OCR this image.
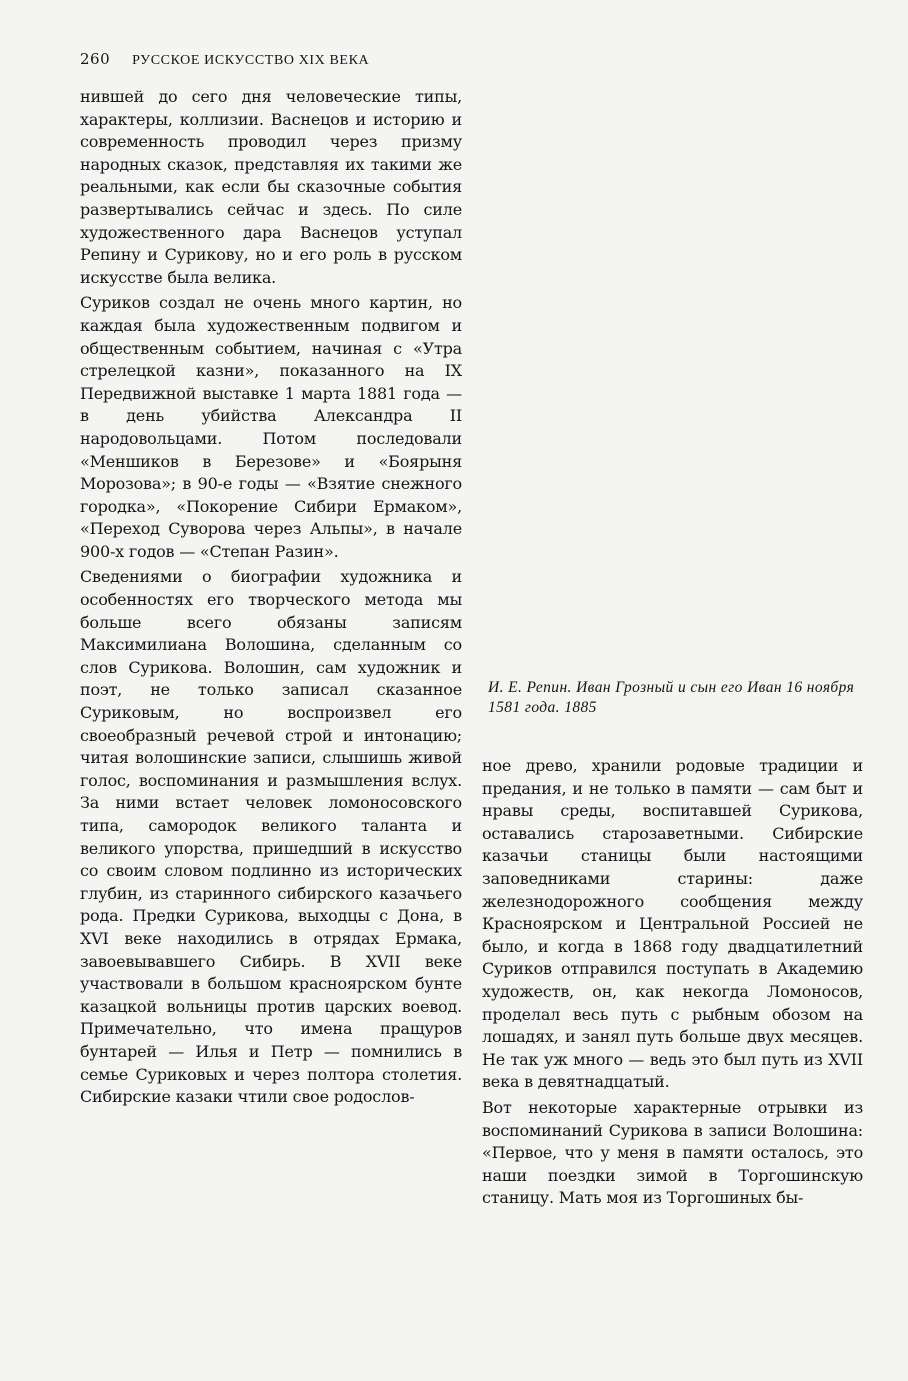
260 РУССКОЕ ИСКУССТВО XIX ВЕКА

нившей до сего дня человеческие типы, характеры, коллизии. Васнецов и историю и современность проводил через призму народных сказок, представляя их такими же реальными, как если бы сказочные события развертывались сейчас и здесь. По силе художественного дара Васнецов уступал Репину и Сурикову, но и его роль в русском искусстве была велика.

Суриков создал не очень много картин, но каждая была художественным подвигом и общественным событием, начиная с «Утра стрелецкой казни», показанного на IX Передвижной выставке 1 марта 1881 года — в день убийства Александра II народовольцами. Потом последовали «Меншиков в Березове» и «Боярыня Морозова»; в 90-е годы — «Взятие снежного городка», «Покорение Сибири Ермаком», «Переход Суворова через Альпы», в начале 900-х годов — «Степан Разин».

Сведениями о биографии художника и особенностях его творческого метода мы больше всего обязаны записям Максимилиана Волошина, сделанным со слов Сурикова. Волошин, сам художник и поэт, не только записал сказанное Суриковым, но воспроизвел его своеобразный речевой строй и интонацию; читая волошинские записи, слышишь живой голос, воспоминания и размышления вслух. За ними встает человек ломоносовского типа, самородок великого таланта и великого упорства, пришедший в искусство со своим словом подлинно из исторических глубин, из старинного сибирского казачьего рода. Предки Сурикова, выходцы с Дона, в XVI веке находились в отрядах Ермака, завоевывавшего Сибирь. В XVII веке участвовали в большом красноярском бунте казацкой вольницы против царских воевод. Примечательно, что имена пращуров бунтарей — Илья и Петр — помнились в семье Суриковых и через полтора столетия. Сибирские казаки чтили свое родослов-

И. Е. Репин. Иван Грозный и сын его Иван 16 ноября 1581 года. 1885

ное древо, хранили родовые традиции и предания, и не только в памяти — сам быт и нравы среды, воспитавшей Сурикова, оставались старозаветными. Сибирские казачьи станицы были настоящими заповедниками старины: даже железнодорожного сообщения между Красноярском и Центральной Россией не было, и когда в 1868 году двадцатилетний Суриков отправился поступать в Академию художеств, он, как некогда Ломоносов, проделал весь путь с рыбным обозом на лошадях, и занял путь больше двух месяцев. Не так уж много — ведь это был путь из XVII века в девятнадцатый.

Вот некоторые характерные отрывки из воспоминаний Сурикова в записи Волошина: «Первое, что у меня в памяти осталось, это наши поездки зимой в Торгошинскую станицу. Мать моя из Торгошиных бы-
